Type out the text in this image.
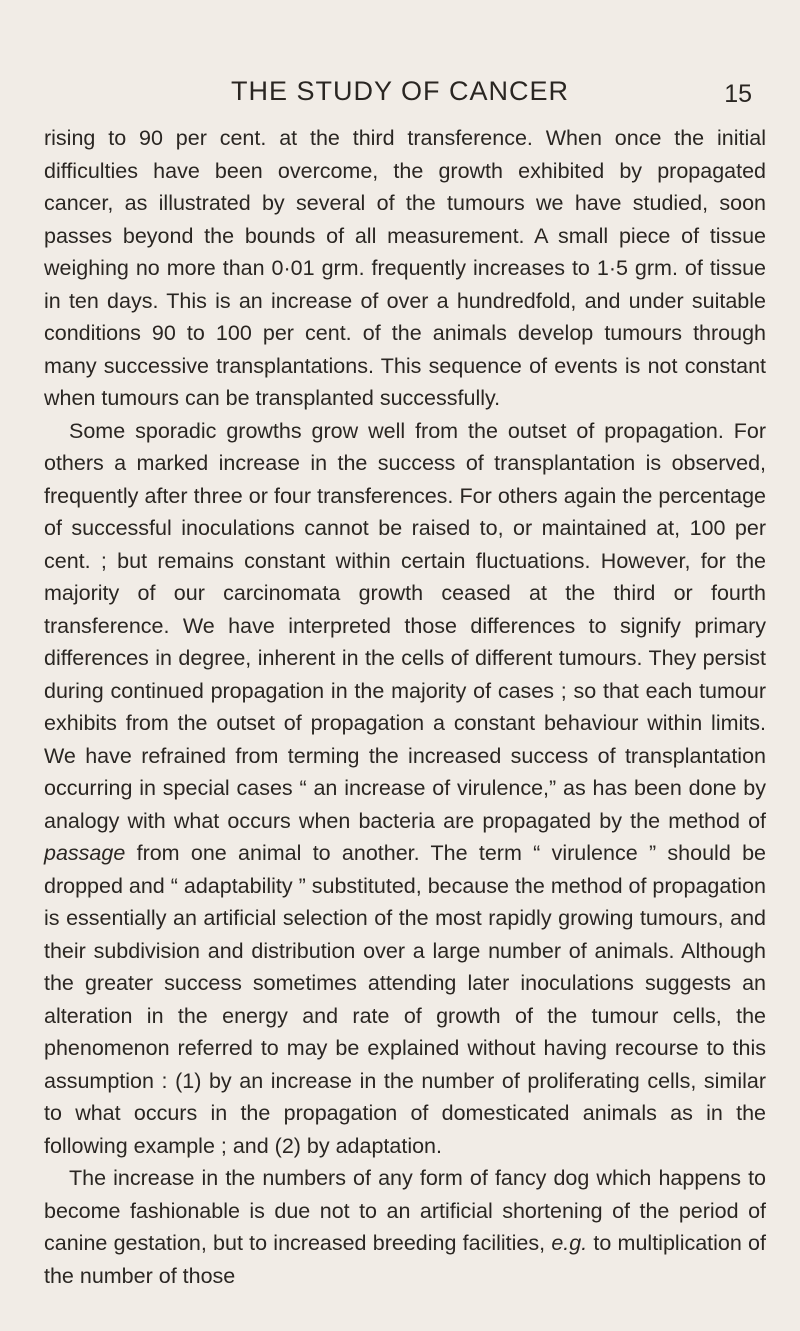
THE STUDY OF CANCER	15

rising to 90 per cent. at the third transference. When once the initial difficulties have been overcome, the growth exhibited by propagated cancer, as illustrated by several of the tumours we have studied, soon passes beyond the bounds of all measurement. A small piece of tissue weighing no more than 0·01 grm. frequently increases to 1·5 grm. of tissue in ten days. This is an increase of over a hundredfold, and under suitable conditions 90 to 100 per cent. of the animals develop tumours through many successive transplantations. This sequence of events is not constant when tumours can be transplanted successfully.

Some sporadic growths grow well from the outset of propagation. For others a marked increase in the success of transplantation is observed, frequently after three or four transferences. For others again the percentage of successful inoculations cannot be raised to, or maintained at, 100 per cent. ; but remains constant within certain fluctuations. However, for the majority of our carcinomata growth ceased at the third or fourth transference. We have interpreted those differences to signify primary differences in degree, inherent in the cells of different tumours. They persist during continued propagation in the majority of cases ; so that each tumour exhibits from the outset of propagation a constant behaviour within limits. We have refrained from terming the increased success of transplantation occurring in special cases “ an increase of virulence,” as has been done by analogy with what occurs when bacteria are propagated by the method of passage from one animal to another. The term “ virulence ” should be dropped and “ adaptability ” substituted, because the method of propagation is essentially an artificial selection of the most rapidly growing tumours, and their subdivision and distribution over a large number of animals. Although the greater success sometimes attending later inoculations suggests an alteration in the energy and rate of growth of the tumour cells, the phenomenon referred to may be explained without having recourse to this assumption : (1) by an increase in the number of proliferating cells, similar to what occurs in the propagation of domesticated animals as in the following example ; and (2) by adaptation.

The increase in the numbers of any form of fancy dog which happens to become fashionable is due not to an artificial shortening of the period of canine gestation, but to increased breeding facilities, e.g. to multiplication of the number of those
